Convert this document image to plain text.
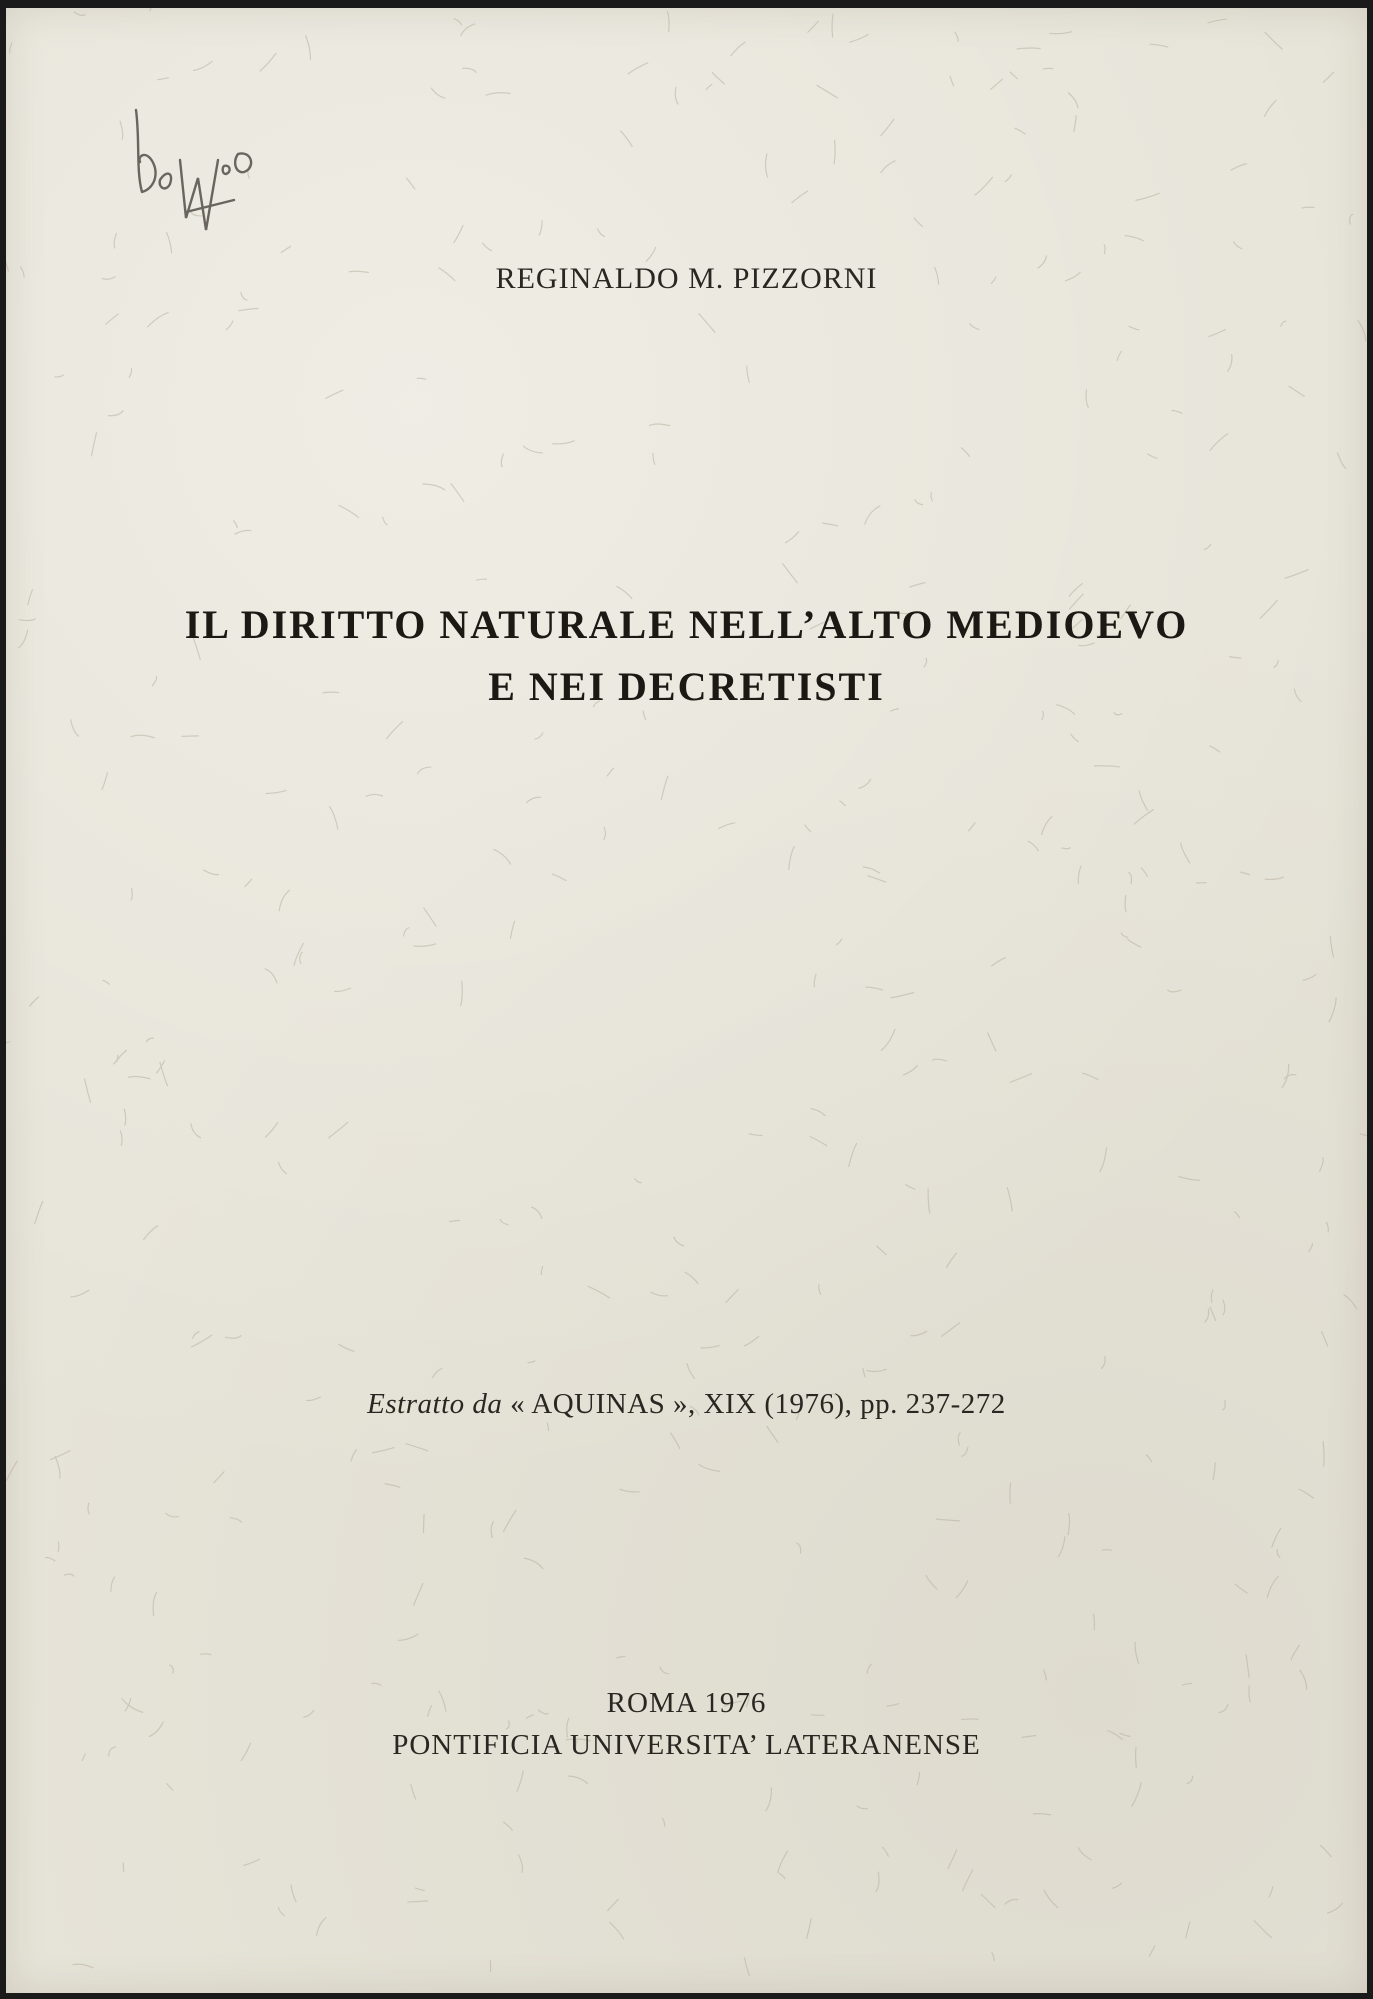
REGINALDO M. PIZZORNI
IL DIRITTO NATURALE NELL’ALTO MEDIOEVO
E NEI DECRETISTI
Estratto da « AQUINAS », XIX (1976), pp. 237-272
ROMA 1976
PONTIFICIA UNIVERSITA’ LATERANENSE
